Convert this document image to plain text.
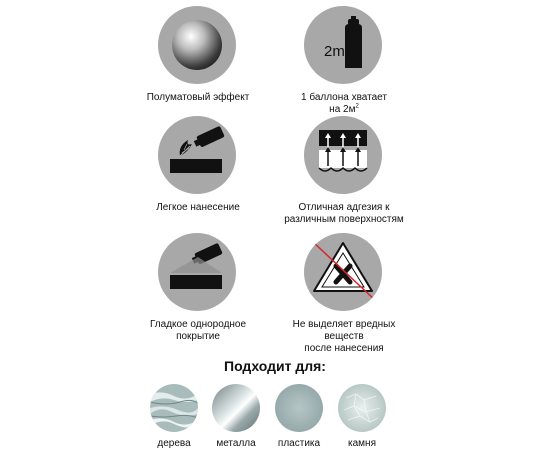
Полуматовый эффект
$2m^2$
1 баллона хватает
на $2м^2$
Легкое нанесение	Отличная адгезия к
различным поверхностям
Гладкое однородное
покрытие
Не выделяет вредных
веществ
после нанесения
Подходит для:
дерева	металла	пластика	камня
